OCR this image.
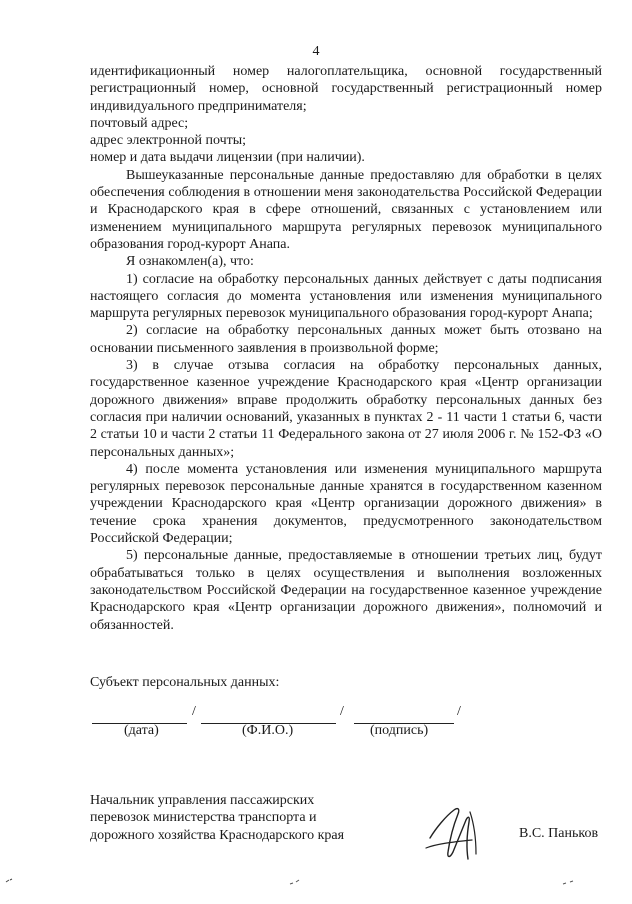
4

идентификационный номер налогоплательщика, основной государственный регистрационный номер, основной государственный регистрационный номер индивидуального предпринимателя;

почтовый адрес;

адрес электронной почты;

номер и дата выдачи лицензии (при наличии).

Вышеуказанные персональные данные предоставляю для обработки в целях обеспечения соблюдения в отношении меня законодательства Российской Федерации и Краснодарского края в сфере отношений, связанных с установлением или изменением муниципального маршрута регулярных перевозок муниципального образования город-курорт Анапа.

Я ознакомлен(а), что:

1) согласие на обработку персональных данных действует с даты подписания настоящего согласия до момента установления или изменения муниципального маршрута регулярных перевозок муниципального образования город-курорт Анапа;

2) согласие на обработку персональных данных может быть отозвано на основании письменного заявления в произвольной форме;

3) в случае отзыва согласия на обработку персональных данных, государственное казенное учреждение Краснодарского края «Центр организации дорожного движения» вправе продолжить обработку персональных данных без согласия при наличии оснований, указанных в пунктах 2 - 11 части 1 статьи 6, части 2 статьи 10 и части 2 статьи 11 Федерального закона от 27 июля 2006 г. № 152-ФЗ «О персональных данных»;

4) после момента установления или изменения муниципального маршрута регулярных перевозок персональные данные хранятся в государственном казенном учреждении Краснодарского края «Центр организации дорожного движения» в течение срока хранения документов, предусмотренного законодательством Российской Федерации;

5) персональные данные, предоставляемые в отношении третьих лиц, будут обрабатываться только в целях осуществления и выполнения возложенных законодательством Российской Федерации на государственное казенное учреждение Краснодарского края «Центр организации дорожного движения», полномочий и обязанностей.

Субъект персональных данных:
/	/	/
(дата)	(Ф.И.О.)	(подпись)

Начальник управления пассажирских

перевозок министерства транспорта и

дорожного хозяйства Краснодарского края	В.С. Паньков
